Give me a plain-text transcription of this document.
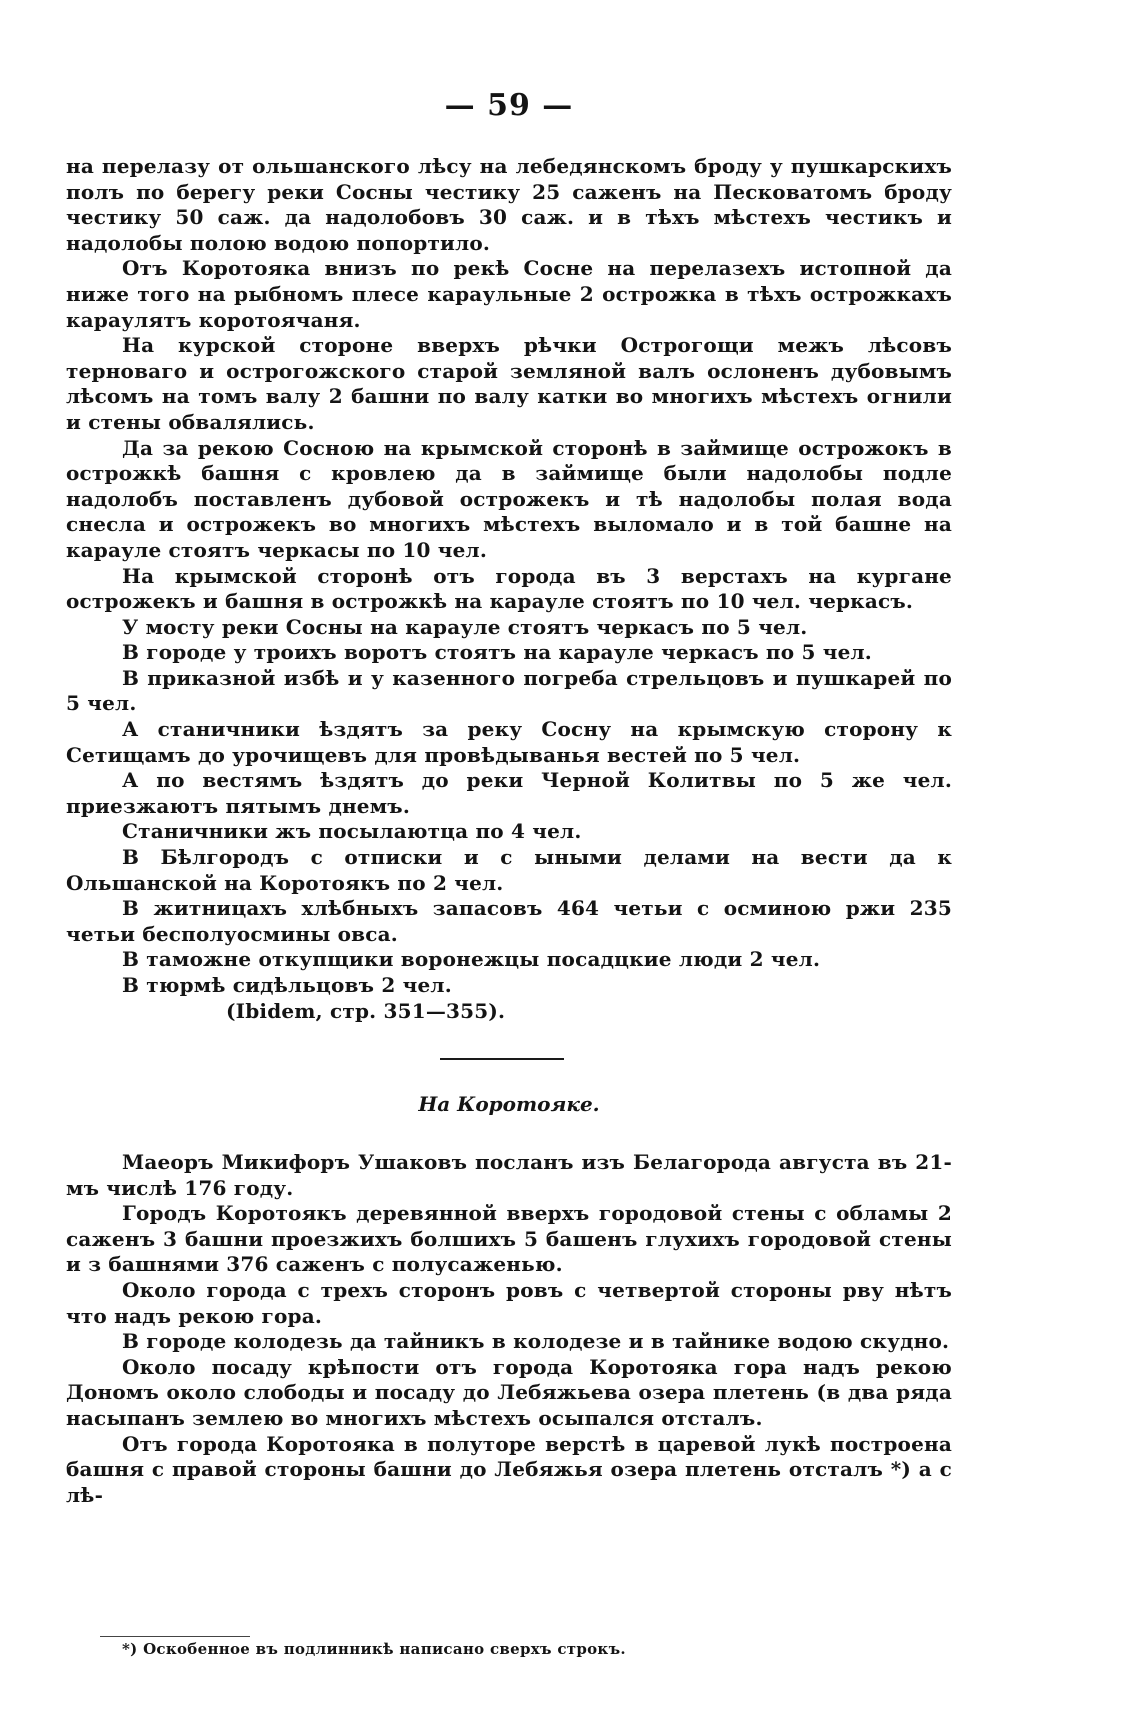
— 59 —

на перелазу от ольшанского лѣсу на лебедянскомъ броду у пушкарскихъ полъ по берегу реки Сосны честику 25 саженъ на Песковатомъ броду честику 50 саж. да надолобовъ 30 саж. и в тѣхъ мѣстехъ честикъ и надолобы полою водою попортило.

Отъ Коротояка внизъ по рекѣ Сосне на перелазехъ истопной да ниже того на рыбномъ плесе караульные 2 острожка в тѣхъ острожкахъ караулятъ коротоячаня.

На курской стороне вверхъ рѣчки Острогощи межъ лѣсовъ терноваго и острогожского старой земляной валъ ослоненъ дубовымъ лѣсомъ на томъ валу 2 башни по валу катки во многихъ мѣстехъ огнили и стены обвалялись.

Да за рекою Сосною на крымской сторонѣ в займище острожокъ в острожкѣ башня с кровлею да в займище были надолобы подле надолобъ поставленъ дубовой острожекъ и тѣ надолобы полая вода снесла и острожекъ во многихъ мѣстехъ выломало и в той башне на карауле стоятъ черкасы по 10 чел.

На крымской сторонѣ отъ города въ 3 верстахъ на кургане острожекъ и башня в острожкѣ на карауле стоятъ по 10 чел. черкасъ.

У мосту реки Сосны на карауле стоятъ черкасъ по 5 чел.

В городе у троихъ воротъ стоятъ на карауле черкасъ по 5 чел.

В приказной избѣ и у казенного погреба стрельцовъ и пушкарей по 5 чел.

А станичники ѣздятъ за реку Сосну на крымскую сторону к Сетищамъ до урочищевъ для провѣдыванья вестей по 5 чел.

А по вестямъ ѣздятъ до реки Черной Колитвы по 5 же чел. приезжаютъ пятымъ днемъ.

Станичники жъ посылаютца по 4 чел.

В Бѣлгородъ с отписки и с ыными делами на вести да к Ольшанской на Коротоякъ по 2 чел.

В житницахъ хлѣбныхъ запасовъ 464 четьи с осминою ржи 235 четьи бесполуосмины овса.

В таможне откупщики воронежцы посадцкие люди 2 чел.

В тюрмѣ сидѣльцовъ 2 чел.

(Ibidem, стр. 351—355).

На Коротояке.

Маеоръ Микифоръ Ушаковъ посланъ изъ Белагорода августа въ 21-мъ числѣ 176 году.

Городъ Коротоякъ деревянной вверхъ городовой стены с обламы 2 саженъ 3 башни проезжихъ болшихъ 5 башенъ глухихъ городовой стены и з башнями 376 саженъ с полусаженью.

Около города с трехъ сторонъ ровъ с четвертой стороны рву нѣтъ что надъ рекою гора.

В городе колодезь да тайникъ в колодезе и в тайнике водою скудно.

Около посаду крѣпости отъ города Коротояка гора надъ рекою Дономъ около слободы и посаду до Лебяжьева озера плетень (в два ряда насыпанъ землею во многихъ мѣстехъ осыпался отсталъ.

Отъ города Коротояка в полуторе верстѣ в царевой лукѣ построена башня с правой стороны башни до Лебяжья озера плетень отсталъ *) а с лѣ-

*) Оскобенное въ подлинникѣ написано сверхъ строкъ.
